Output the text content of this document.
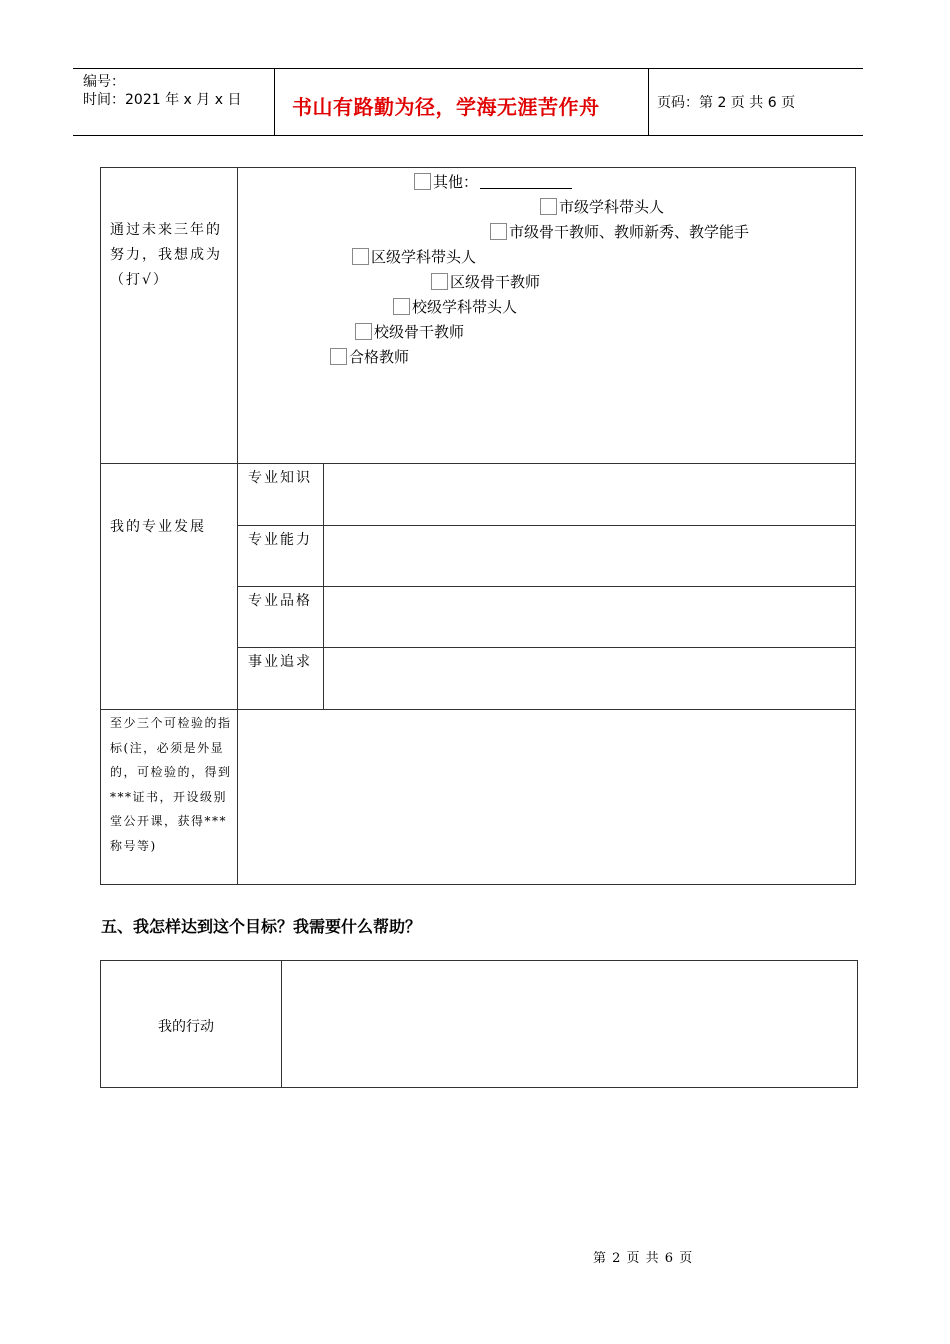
编号：
时间：2021 年 x 月 x 日	书山有路勤为径，学海无涯苦作舟	页码：第 2 页 共 6 页
通过未来三年的努力，我想成为（打√）
其他：
市级学科带头人
市级骨干教师、教师新秀、教学能手
区级学科带头人
区级骨干教师
校级学科带头人
校级骨干教师
合格教师
我的专业发展
专业知识
专业能力
专业品格
事业追求
至少三个可检验的指标(注，必须是外显的，可检验的，得到***证书，开设级别堂公开课，获得***称号等)
五、我怎样达到这个目标？我需要什么帮助？
我的行动
第 2 页 共 6 页
